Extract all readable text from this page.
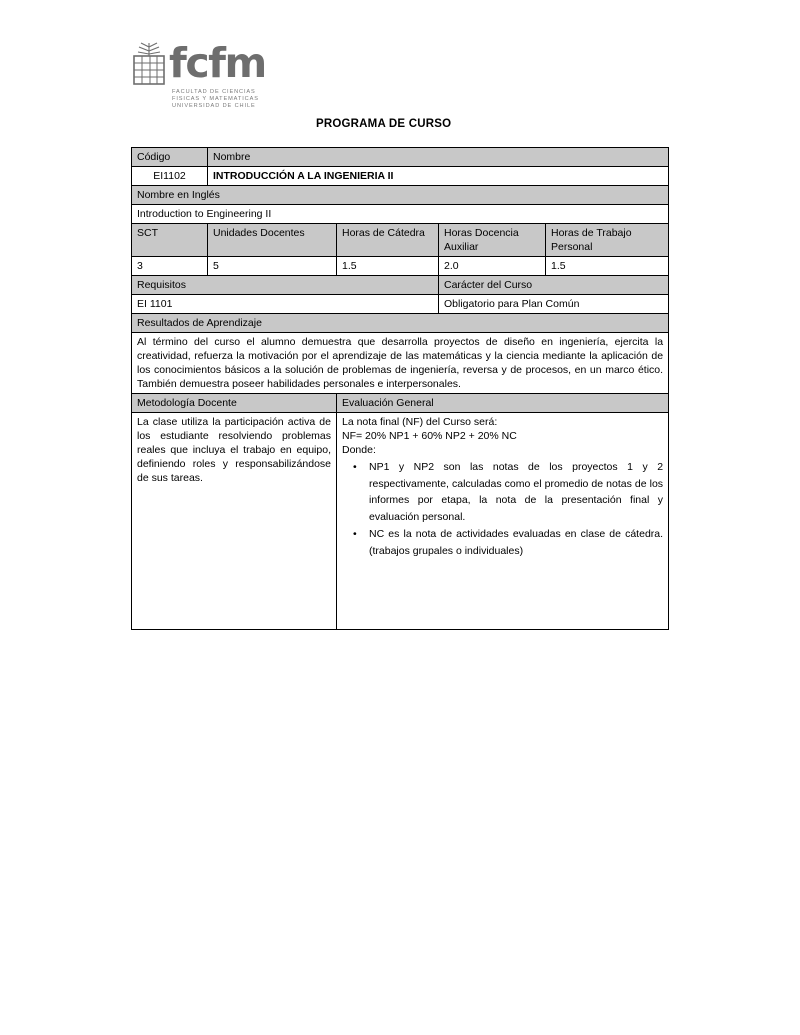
fcfm
FACULTAD DE CIENCIAS
FISICAS Y MATEMATICAS
UNIVERSIDAD DE CHILE
PROGRAMA DE CURSO
Código	Nombre			
EI1102	INTRODUCCIÓN A LA INGENIERIA II			
Nombre en Inglés				
Introduction to Engineering II				
SCT	Unidades Docentes	Horas de Cátedra	Horas Docencia Auxiliar	Horas de Trabajo Personal
3	5	1.5	2.0	1.5
Requisitos			Carácter del Curso	
EI 1101			Obligatorio para Plan Común	
Resultados de Aprendizaje				
Al término del curso el alumno demuestra que desarrolla proyectos de diseño en ingeniería, ejercita la creatividad, refuerza la motivación por el aprendizaje de las matemáticas y la ciencia mediante la aplicación de los conocimientos básicos a la solución de problemas de ingeniería, reversa y de procesos, en un marco ético. También demuestra poseer habilidades personales e interpersonales.				
Metodología Docente		Evaluación General		
La clase utiliza la participación activa de los estudiante resolviendo problemas reales que incluya el trabajo en equipo, definiendo roles y responsabilizándose de sus tareas.	

La nota final (NF) del Curso será:

NF= 20% NP1 + 60% NP2 + 20% NC

Donde:

• NP1 y NP2 son las notas de los proyectos 1 y 2 respectivamente, calculadas como el promedio de notas de los informes por etapa, la nota de la presentación final y evaluación personal.
• NC es la nota de actividades evaluadas en clase de cátedra. (trabajos grupales o individuales)
